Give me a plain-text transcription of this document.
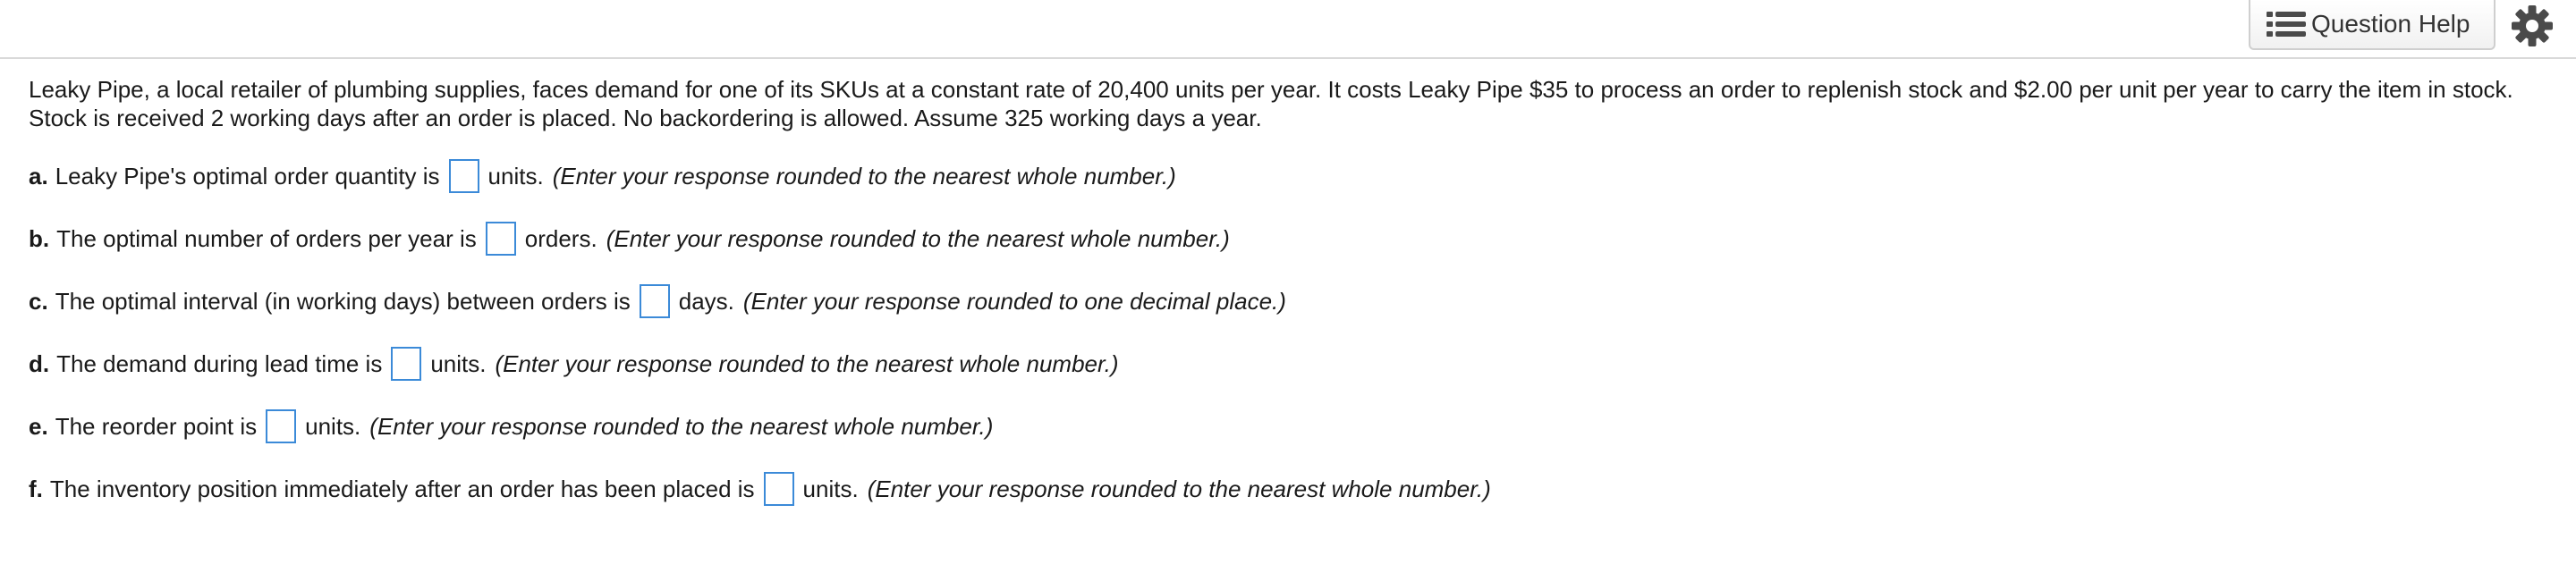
Question Help

Leaky Pipe, a local retailer of plumbing supplies, faces demand for one of its SKUs at a constant rate of 20,400 units per year. It costs Leaky Pipe $35 to process an order to replenish stock and $2.00 per unit per year to carry the item in stock.
Stock is received 2 working days after an order is placed. No backordering is allowed. Assume 325 working days a year.

a. Leaky Pipe's optimal order quantity is units. (Enter your response rounded to the nearest whole number.)
b. The optimal number of orders per year is orders. (Enter your response rounded to the nearest whole number.)
c. The optimal interval (in working days) between orders is days. (Enter your response rounded to one decimal place.)
d. The demand during lead time is units. (Enter your response rounded to the nearest whole number.)
e. The reorder point is units. (Enter your response rounded to the nearest whole number.)
f. The inventory position immediately after an order has been placed is units. (Enter your response rounded to the nearest whole number.)
